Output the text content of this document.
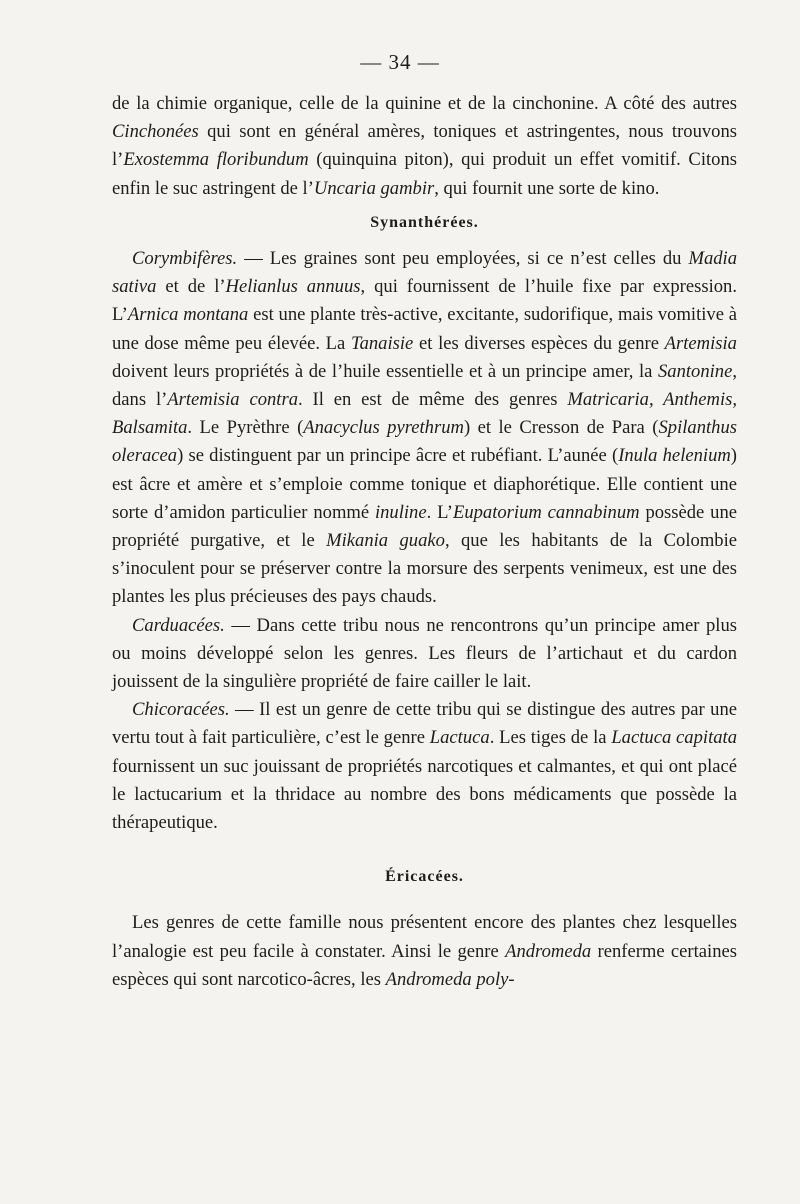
— 34 —

de la chimie organique, celle de la quinine et de la cinchonine. A côté des autres Cinchonées qui sont en général amères, toniques et astringentes, nous trouvons l’Exostemma floribundum (quinquina piton), qui produit un effet vomitif. Citons enfin le suc astringent de l’Uncaria gambir, qui fournit une sorte de kino.

Synanthérées.

Corymbifères. — Les graines sont peu employées, si ce n’est celles du Madia sativa et de l’Helianlus annuus, qui fournissent de l’huile fixe par expression. L’Arnica montana est une plante très-active, excitante, sudorifique, mais vomitive à une dose même peu élevée. La Tanaisie et les diverses espèces du genre Artemisia doivent leurs propriétés à de l’huile essentielle et à un principe amer, la Santonine, dans l’Artemisia contra. Il en est de même des genres Matricaria, Anthemis, Balsamita. Le Pyrèthre (Anacyclus pyrethrum) et le Cresson de Para (Spilanthus oleracea) se distinguent par un principe âcre et rubéfiant. L’aunée (Inula helenium) est âcre et amère et s’emploie comme tonique et diaphorétique. Elle contient une sorte d’amidon particulier nommé inuline. L’Eupatorium cannabinum possède une propriété purgative, et le Mikania guako, que les habitants de la Colombie s’inoculent pour se préserver contre la morsure des serpents venimeux, est une des plantes les plus précieuses des pays chauds.

Carduacées. — Dans cette tribu nous ne rencontrons qu’un principe amer plus ou moins développé selon les genres. Les fleurs de l’artichaut et du cardon jouissent de la singulière propriété de faire cailler le lait.

Chicoracées. — Il est un genre de cette tribu qui se distingue des autres par une vertu tout à fait particulière, c’est le genre Lactuca. Les tiges de la Lactuca capitata fournissent un suc jouissant de propriétés narcotiques et calmantes, et qui ont placé le lactucarium et la thridace au nombre des bons médicaments que possède la thérapeutique.

Éricacées.

Les genres de cette famille nous présentent encore des plantes chez lesquelles l’analogie est peu facile à constater. Ainsi le genre Andromeda renferme certaines espèces qui sont narcotico-âcres, les Andromeda poly-
